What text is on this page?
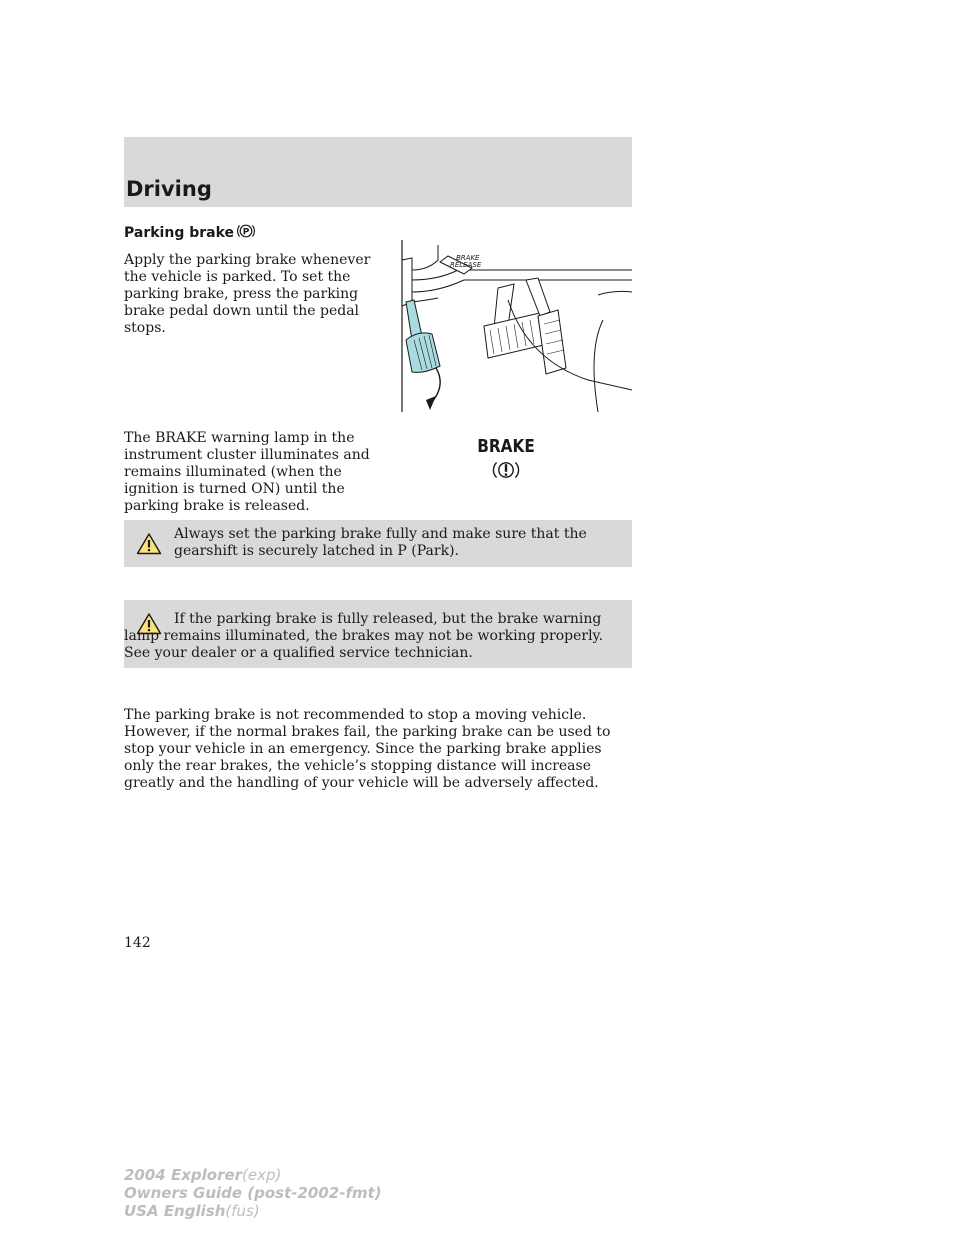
Driving
Parking brake P
Apply the parking brake whenever the vehicle is parked. To set the parking brake, press the parking brake pedal down until the pedal stops.
BRAKE
RELEASE
The BRAKE warning lamp in the instrument cluster illuminates and remains illuminated (when the ignition is turned ON) until the parking brake is released.
BRAKE
Always set the parking brake fully and make sure that the gearshift is securely latched in P (Park).
If the parking brake is fully released, but the brake warning lamp remains illuminated, the brakes may not be working properly. See your dealer or a qualified service technician.
The parking brake is not recommended to stop a moving vehicle. However, if the normal brakes fail, the parking brake can be used to stop your vehicle in an emergency. Since the parking brake applies only the rear brakes, the vehicle’s stopping distance will increase greatly and the handling of your vehicle will be adversely affected.
142
2004 Explorer(exp)
Owners Guide (post-2002-fmt)
USA English(fus)
